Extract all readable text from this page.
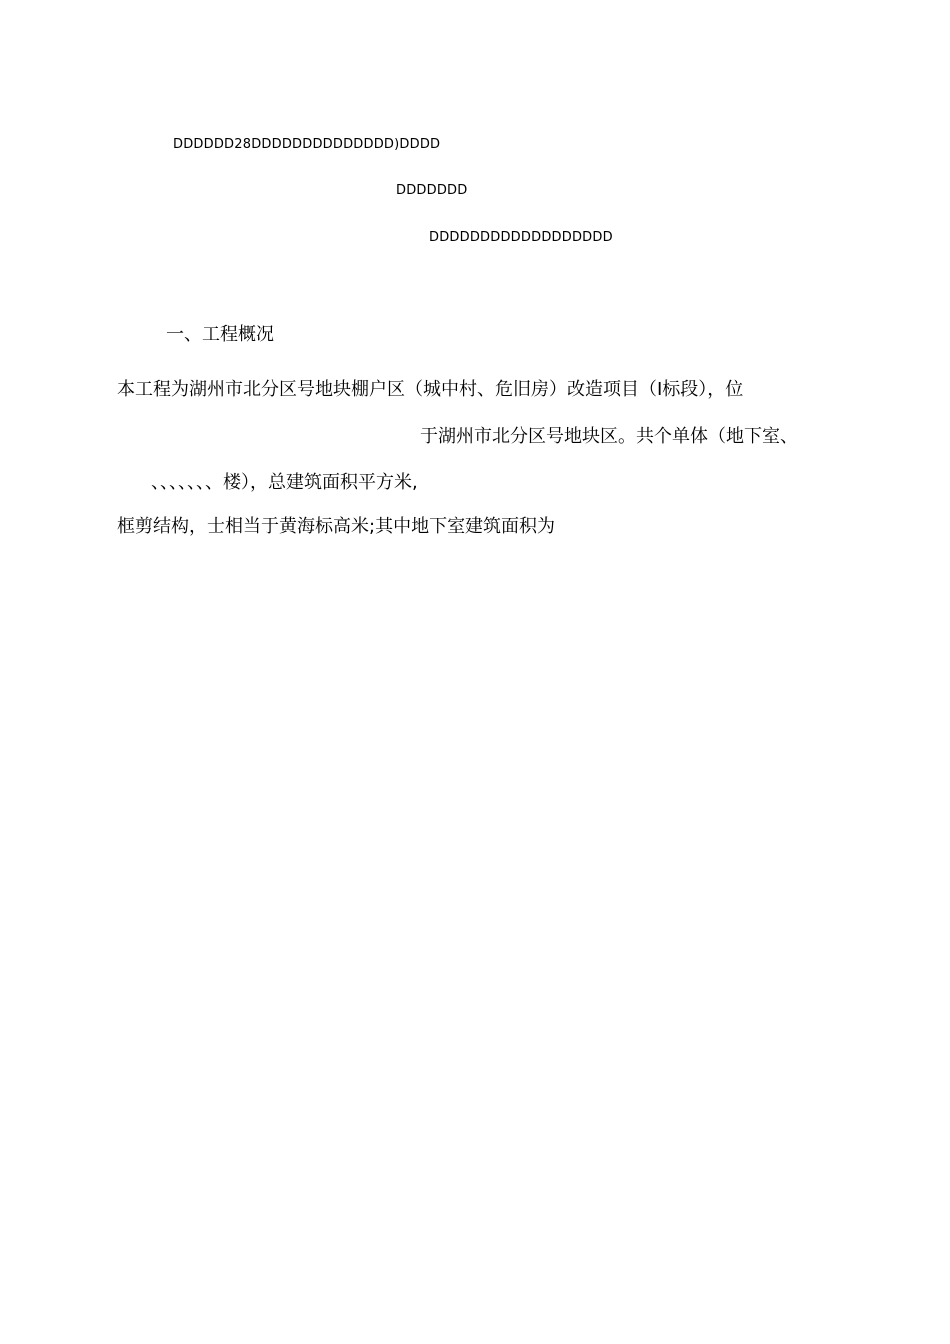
DDDDDD28DDDDDDDDDDDDDD)DDDD
DDDDDDD
DDDDDDDDDDDDDDDDDD
一、工程概况
本工程为湖州市北分区号地块棚户区（城中村、危旧房）改造项目（Ⅰ标段），位
于湖州市北分区号地块区。共个单体（地下室、
、、、、、、、楼），总建筑面积平方米,
框剪结构，士相当于黄海标高米;其中地下室建筑面积为
